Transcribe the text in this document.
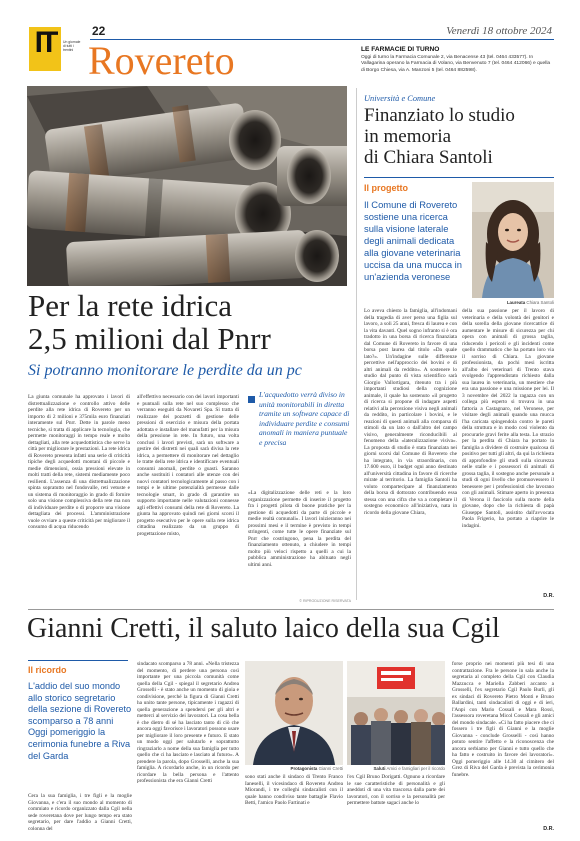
IT Un giornale di tutti i trentini
22	Venerdì 18 ottobre 2024
Rovereto	LE FARMACIE DI TURNO
Oggi di turno la Farmacia Comunale 2, via Benacense 43 (tel. 0464 433577). In Vallagarina operano la Farmacia di Volano, via Benvenuto 7 (tel. 0464 412066) e quella di Borgo Chiesa, via A. Manzoni 5 (tel. 0464 882598).
Per la rete idrica
2,5 milioni dal Pnrr
Si potranno monitorare le perdite da un pc
La giunta comunale ha approvato i lavori di distrettualizzazione e controllo attivo delle perdite alla rete idrica di Rovereto per un importo di 2 milioni e 375mila euro finanziati interamente sul Pnrr. Dette in parole meno tecniche, si tratta di applicare la tecnologia, che permette monitoraggi in tempo reale e molto dettagliati, alla rete acquedottistica che serve la città per migliorare le prestazioni. La rete idrica di Rovereto presenta infatti una serie di criticità tipiche degli acquedotti montani di piccole e medie dimensioni, ossia pressioni elevate in molti tratti della rete, sistemi mediamente poco resilienti. L'assenza di una distrettualizzazione spinta sopratutto nel fondovalle, reti vetuste e un sistema di monitoraggio in grado di fornire solo una visione complessiva della rete ma non di individuare perdite o di proporre una visione dettagliata dei processi. L'amministrazione vuole ovviare a queste criticità per migliorare il consumo di acqua riducendo
all'effettivo necessario con dei lavori importanti e puntuali sulla rete nel suo complesso che verranno eseguiti da Novareti Spa. Si tratta di realizzare dei pozzetti di gestione delle pressioni di esercizio e misura della portata adottata e installare del manufatti per la misura della pressione in rete. In futuro, una volta conclusi i lavori previsti, sarà un software a gestire dei distretti nei quali sarà divisa la rete idrica, a permettere di monitorare nel dettaglio le tratte della rete idrica e identificare eventuali consumi anomali, perdite o guasti. Saranno anche sostituiti i contatori alle utenze con dei nuovi contatori tecnologicamente al passo con i tempi e le ultime potenzialità permesse dalle tecnologie smart, in grado di garantire un supporto importante nelle valutazioni connesse agli effettivi consumi della rete di Rovereto. La giunta ha approvato quindi nei giorni scorsi il progetto esecutivo per le opere sulla rete idrica cittadina realizzato da un gruppo di progettazione misto,
L'acquedotto verrà diviso in unità monitorabili in diretta tramite un software capace di individuare perdite e consumi anomali in maniera puntuale e precisa
«La digitalizzazione delle reti e la loro organizzazione permette di inserire il progetto fra i progetti pilota di buone pratiche per la gestione di acquedotti da parte di piccole e medie realtà comunali». I lavori inizieranno nei prossimi mesi e il termine è previsto in tempi stringenti, come tutte le opere finanziate sul Pnrr che costringono, pena la perdita del finanziamento ottenuto, a chiudere in tempi molto più veloci rispetto a quelli a cui la pubblica amministrazione ha abituato negli ultimi anni.
© RIPRODUZIONE RISERVATA
Università e Comune
Finanziato lo studio
in memoria
di Chiara Santoli
Il progetto
Il Comune di Rovereto sostiene una ricerca sulla visione laterale degli animali dedicata alla giovane veterinaria uccisa da una mucca in un'azienda veronese
Laureata Chiara Santoli
Lo aveva chiesto la famiglia, all'indomani della tragedia di aver perso una figlia sul lavoro, a soli 25 anni, fresca di laurea e con la vita davanti. Quel sogno infranto si è ora tradotto in una borsa di ricerca finanziata dal Comune di Rovereto in favore di una borsa post laurea dal titolo «Da quale lato?». Un'indagine sulle differenze percettive nell'approccio dei bovini e di altri animali da reddito». A sostenere lo studio dal punto di vista scientifico sarà Giorgio Vallortigara, ritenuto tra i più importanti studiosi della cognizione animale, il quale ha sostenuto «il progetto di ricerca si propone di indagare aspetti relativi alla percezione visiva negli animali da reddito, in particolare i bovini, e le reazioni di questi animali alla comparsa di stimoli da un lato o dall'altro del campo visivo, generalmente riconducibili al fenomeno della «lateralizzazione visiva». La proposta di studio è stata finanziata nei giorni scorsi dal Comune di Rovereto che ha integrato, in via straordinaria, con 17.600 euro, il budget ogni anno destinato all'università cittadina in favore di ricerche mirate al territorio. La famiglia Santoli ha voluto compartecipare al finanziamento della borsa di dottorato contribuendo essa stessa con una cifra che va a completare il sostegno economico all'iniziativa, nata in ricordo della giovane Chiara,
della sua passione per il lavoro di veterinaria e della volontà dei genitori e della sorella della giovane ricercatrice di aumentare le misure di sicurezza per chi opera con animali di grossa taglia, riducendo i pericoli e gli incidenti come quello drammatico che ha portato loro via il sorriso di Chiara. La giovane professionista, da pochi mesi iscritta all'albo dei veterinari di Trento stava svolgendo l'apprendistato richiesto dalla sua laurea in veterinaria, un mestiere che era una passione e una missione per lei. Il 3 novembre del 2022 la ragazza con un collega più esperto si trovava in una fattoria a Castagnaro, nel Veronese, per visitare degli animali quando una mucca l'ha caricata spingendola contro le pareti della struttura e in modo così violento da procurarle gravi ferite alla testa. Lo strazio per la perdita di Chiara ha portato la famiglia a dividere di costruire qualcosa di positivo per tutti gli altri, da qui la richiesta di approfondire gli studi sulla sicurezza nelle stalle e i possessori di animali di grossa taglia, il sostegno anche personale a studi di ogni livello che promuovessero il benessere per i professionisti che lavorano con gli animali. Stimare aperto in presenza di Verona il fascicolo sulla morte della giovane, dopo che la richiesta di papà Giuseppe Santoli, assistito dall'avvocata Paola Frigerio, ha portato a riaprire le indagini.
D.R.
Gianni Cretti, il saluto laico della sua Cgil
Il ricordo
L'addio del suo mondo allo storico segretario della sezione di Rovereto scomparso a 78 anni Oggi pomeriggio la cerimonia funebre a Riva del Garda
Cera la sua famiglia, i tre figli e la moglie Giovanna, e c'era il suo mondo al momento di commiato e ricordo organizzato dalla Cgil nella sede roveretana dove per lungo tempo era stato segretario, per dare l'addio a Gianni Cretti, colonna del
sindacato scomparso a 78 anni. «Nella tristezza del momento, di perdere una persona così importante per una piccola comunità come quella della Cgil - spiegal il segretario Andrea Grosselli - è stato anche un momento di gioia e condivisione, perché la figura di Gianni Cretti ha unito tante persone, tipicamente i ragazzi di quella generazione a spendersi per gli altri e metterci al servizio dei lavoratori. La cosa bella è che dietro di sé ha lasciato tanto di ciò che ancora oggi favorisce i lavoratori possono usare per migliorare il loro presente e futuro. E stato un modo oggi per salutarlo e soprattutto ringraziarlo a nome della sua famiglia per tutto quello che ci ha lasciato e lasciato al futuro». A prendere la parola, dopo Grosselli, anche la sua famiglia. A ricordarlo anche, in un ricordo per ricordare la bella persona e l'attento professionista che era Gianni Cretti
Protagonista Gianni Cretti	Saluti Amici e famigliari per il ricordo
sono stati anche il sindaco di Trento Franco Ianeselli, il vicesindaco di Rovereto Andrea Miorandi, i tre colleghi sindacalisti con il quale hanno condiviso tante battaglie Flavio Betti, l'amico Paolo Fartinati e
l'ex Cgil Bruno Dorigatti. Ognuno a ricordare le sue caratteristiche di personalità e gli aneddoti di una vita trascorsa dalla parte dei lavoratori, con il sorriso e la personalità per permettere battute sagaci anche lo
forse proprio nei momenti più tesi di una contrattazione. Fra le persone in sala anche la segretaria al completo della Cgil con Claudia Mazzucca e Mariella Zabberi accanto a Grosselli, l'ex segretario Cgil Paolo Burli, gli ex sindaci di Rovereto Pietro Monti e Bruno Ballardini, tanti sindacalisti di oggi e di ieri, l'Anpi con Mario Cossali e Mara Rossi, l'assessora roveretana Micol Cossali e gli amici del mondo sindacale. «Ci ha fatto piacere che ci fossero i tre figli di Gianni e la moglie Giovanna - conclude Grosselli - così hanno potuto sentire l'affetto e la riconoscenza che ancora serbiamo per Gianni e tutto quello che ha fatto e costruito in favore dei lavoratori». Oggi pomeriggio alle 14.30 al cimitero del Grez di Riva del Garda è prevista la cerimonia funebre.
D.R.
